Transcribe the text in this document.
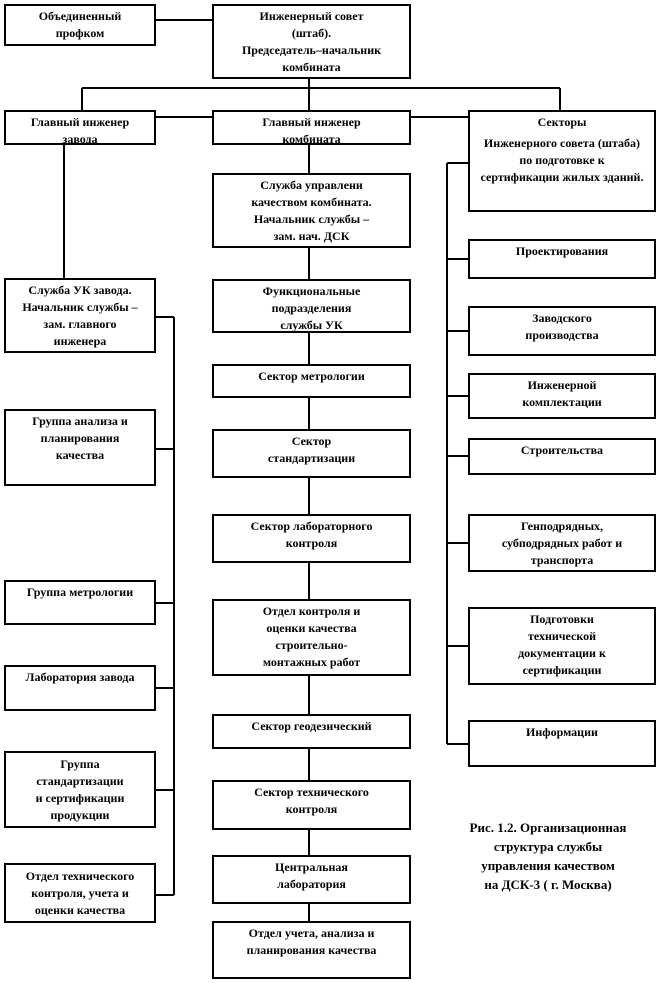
Объединенный
профком
Инженерный совет
(штаб).
Председатель–начальник
комбината
Главный инженер
завода
Главный инженер
комбината
Секторы
Инженерного совета (штаба)
по подготовке к
сертификации жилых зданий.
Служба управлени
качеством комбината.
Начальник службы –
зам. нач. ДСК
Функциональные
подразделения
службы УК
Сектор метрологии
Сектор
стандартизации
Сектор лабораторного
контроля
Отдел контроля и
оценки качества
строительно-
монтажных работ
Сектор геодезический
Сектор технического
контроля
Центральная
лаборатория
Отдел учета, анализа и
планирования качества
Служба УК завода.
Начальник службы –
зам. главного
инженера
Группа анализа и
планирования
качества
Группа метрологии
Лаборатория завода
Группа
стандартизации
и сертификации
продукции
Отдел технического
контроля, учета и
оценки качества
Проектирования
Заводского
производства
Инженерной
комплектации
Строительства
Генподрядных,
субподрядных работ и
транспорта
Подготовки
технической
документации к
сертификации
Информации
Рис. 1.2. Организационная
структура службы
управления качеством
на ДСК-3 ( г. Москва)
